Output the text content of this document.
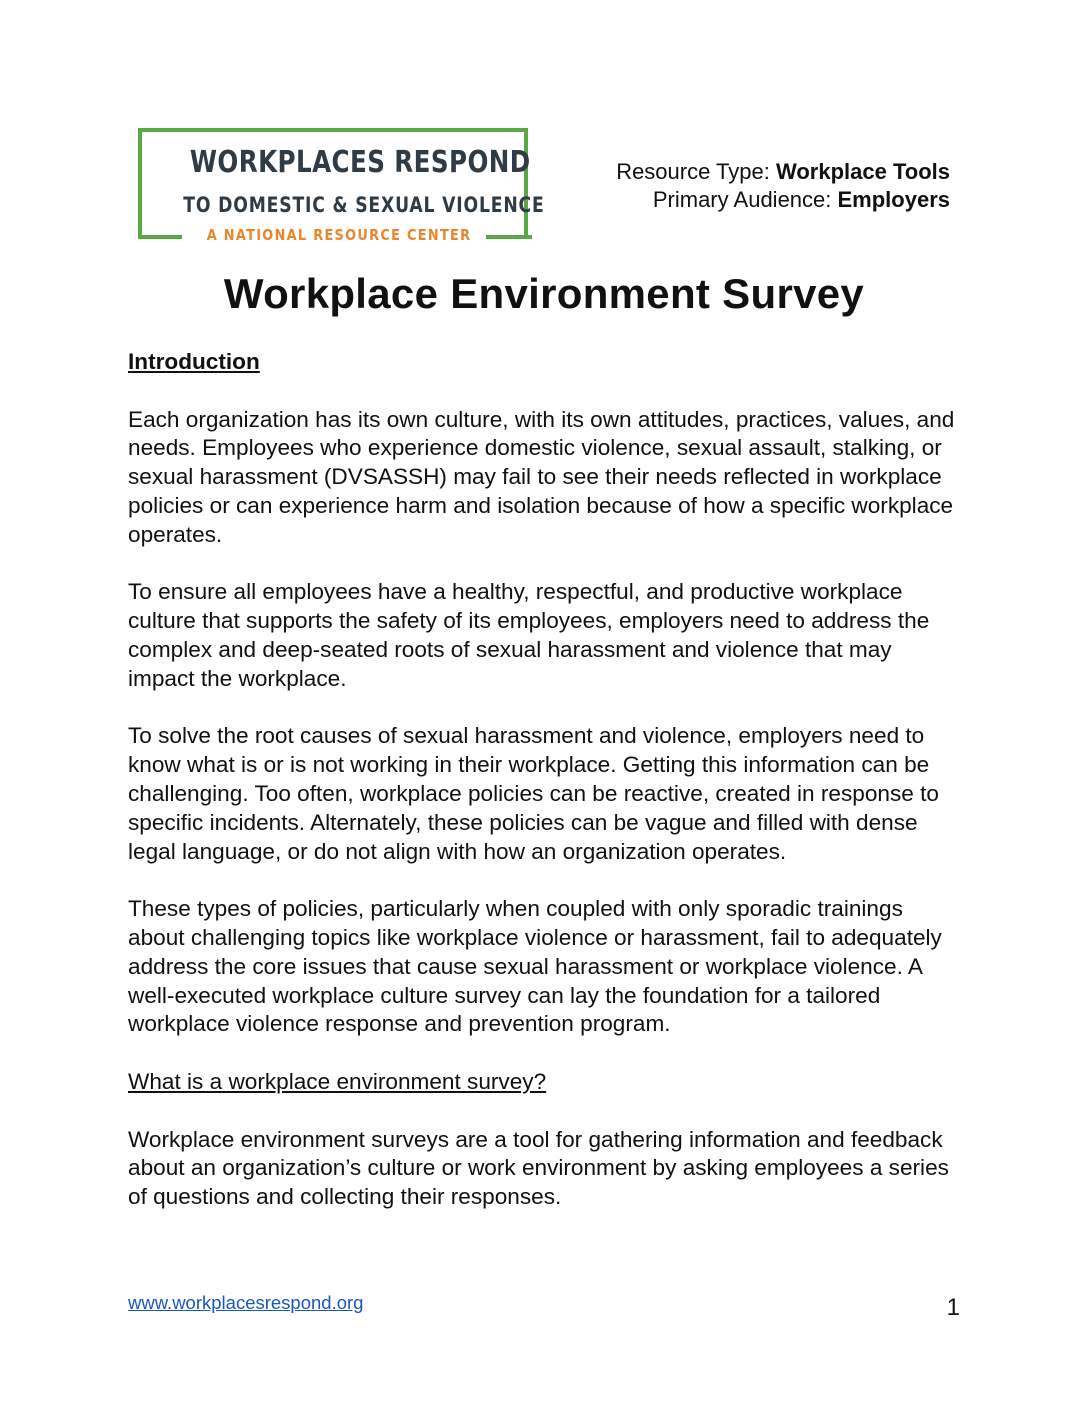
WORKPLACES RESPOND
TO DOMESTIC & SEXUAL VIOLENCE
A NATIONAL RESOURCE CENTER
Resource Type: Workplace Tools
Primary Audience: Employers
Workplace Environment Survey
Introduction

Each organization has its own culture, with its own attitudes, practices, values, and needs. Employees who experience domestic violence, sexual assault, stalking, or sexual harassment (DVSASSH) may fail to see their needs reflected in workplace policies or can experience harm and isolation because of how a specific workplace operates.

To ensure all employees have a healthy, respectful, and productive workplace culture that supports the safety of its employees, employers need to address the complex and deep-seated roots of sexual harassment and violence that may impact the workplace.

To solve the root causes of sexual harassment and violence, employers need to know what is or is not working in their workplace. Getting this information can be challenging. Too often, workplace policies can be reactive, created in response to specific incidents. Alternately, these policies can be vague and filled with dense legal language, or do not align with how an organization operates.

These types of policies, particularly when coupled with only sporadic trainings about challenging topics like workplace violence or harassment, fail to adequately address the core issues that cause sexual harassment or workplace violence. A well-executed workplace culture survey can lay the foundation for a tailored workplace violence response and prevention program.

What is a workplace environment survey?

Workplace environment surveys are a tool for gathering information and feedback about an organization’s culture or work environment by asking employees a series of questions and collecting their responses.

www.workplacesrespond.org	1
